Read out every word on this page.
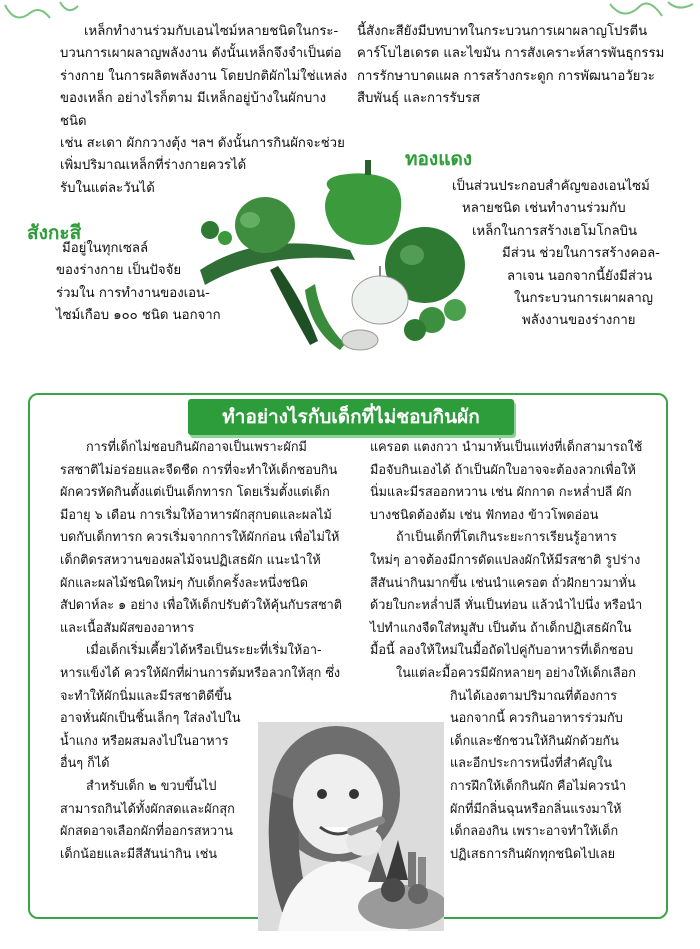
เหล็กทำงานร่วมกับเอนไซม์หลายชนิดในกระ-

บวนการเผาผลาญพลังงาน ดังนั้นเหล็กจึงจำเป็นต่อ

ร่างกาย ในการผลิตพลังงาน โดยปกติผักไม่ใช่แหล่ง

ของเหล็ก อย่างไรก็ตาม มีเหล็กอยู่บ้างในผักบางชนิด

เช่น สะเดา ผักกวางตุ้ง ฯลฯ ดังนั้นการกินผักจะช่วย

เพิ่มปริมาณเหล็กที่ร่างกายควรได้

รับในแต่ละวันได้

นี้สังกะสียังมีบทบาทในกระบวนการเผาผลาญโปรตีน

คาร์โบไฮเดรต และไขมัน การสังเคราะห์สารพันธุกรรม

การรักษาบาดแผล การสร้างกระดูก การพัฒนาอวัยวะ

สืบพันธุ์ และการรับรส

สังกะสี

มีอยู่ในทุกเซลล์

ของร่างกาย เป็นปัจจัย

ร่วมใน การทำงานของเอน-

ไซม์เกือบ ๑๐๐ ชนิด นอกจาก

ทองแดง

เป็นส่วนประกอบสำคัญของเอนไซม์

หลายชนิด เช่นทำงานร่วมกับ

เหล็กในการสร้างเฮโมโกลบิน

มีส่วน ช่วยในการสร้างคอล-

ลาเจน นอกจากนี้ยังมีส่วน

ในกระบวนการเผาผลาญ

พลังงานของร่างกาย

ทำอย่างไรกับเด็กที่ไม่ชอบกินผัก

การที่เด็กไม่ชอบกินผักอาจเป็นเพราะผักมี

รสชาติไม่อร่อยและจืดชืด การที่จะทำให้เด็กชอบกิน

ผักควรหัดกินตั้งแต่เป็นเด็กทารก โดยเริ่มตั้งแต่เด็ก

มีอายุ ๖ เดือน การเริ่มให้อาหารผักสุกบดและผลไม้

บดกับเด็กทารก ควรเริ่มจากการให้ผักก่อน เพื่อไม่ให้

เด็กติดรสหวานของผลไม้จนปฏิเสธผัก แนะนำให้

ผักและผลไม้ชนิดใหม่ๆ กับเด็กครั้งละหนึ่งชนิด

สัปดาห์ละ ๑ อย่าง เพื่อให้เด็กปรับตัวให้คุ้นกับรสชาติ

และเนื้อสัมผัสของอาหาร

เมื่อเด็กเริ่มเคี้ยวได้หรือเป็นระยะที่เริ่มให้อา-

หารแข็งได้ ควรให้ผักที่ผ่านการต้มหรือลวกให้สุก ซึ่ง

จะทำให้ผักนิ่มและมีรสชาติดีขึ้น

อาจหั่นผักเป็นชิ้นเล็กๆ ใส่ลงไปใน

น้ำแกง หรือผสมลงไปในอาหาร

อื่นๆ ก็ได้

สำหรับเด็ก ๒ ขวบขึ้นไป

สามารถกินได้ทั้งผักสดและผักสุก

ผักสดอาจเลือกผักที่ออกรสหวาน

เด็กน้อยและมีสีสันน่ากิน เช่น

แครอต แตงกวา นำมาหั่นเป็นแท่งที่เด็กสามารถใช้

มือจับกินเองได้ ถ้าเป็นผักใบอาจจะต้องลวกเพื่อให้

นิ่มและมีรสออกหวาน เช่น ผักกาด กะหล่ำปลี ผัก

บางชนิดต้องต้ม เช่น ฟักทอง ข้าวโพดอ่อน

ถ้าเป็นเด็กที่โตเกินระยะการเรียนรู้อาหาร

ใหม่ๆ อาจต้องมีการดัดแปลงผักให้มีรสชาติ รูปร่าง

สีสันน่ากินมากขึ้น เช่นนำแครอต ถั่วฝักยาวมาหั่น

ด้วยใบกะหล่ำปลี หั่นเป็นท่อน แล้วนำไปนึ่ง หรือนำ

ไปทำแกงจืดใส่หมูสับ เป็นต้น ถ้าเด็กปฏิเสธผักใน

มื้อนี้ ลองให้ใหม่ในมื้อถัดไปคู่กับอาหารที่เด็กชอบ

ในแต่ละมื้อควรมีผักหลายๆ อย่างให้เด็กเลือก

กินได้เองตามปริมาณที่ต้องการ

นอกจากนี้ ควรกินอาหารร่วมกับ

เด็กและชักชวนให้กินผักด้วยกัน

และอีกประการหนึ่งที่สำคัญใน

การฝึกให้เด็กกินผัก คือไม่ควรนำ

ผักที่มีกลิ่นฉุนหรือกลิ่นแรงมาให้

เด็กลองกิน เพราะอาจทำให้เด็ก

ปฏิเสธการกินผักทุกชนิดไปเลย
